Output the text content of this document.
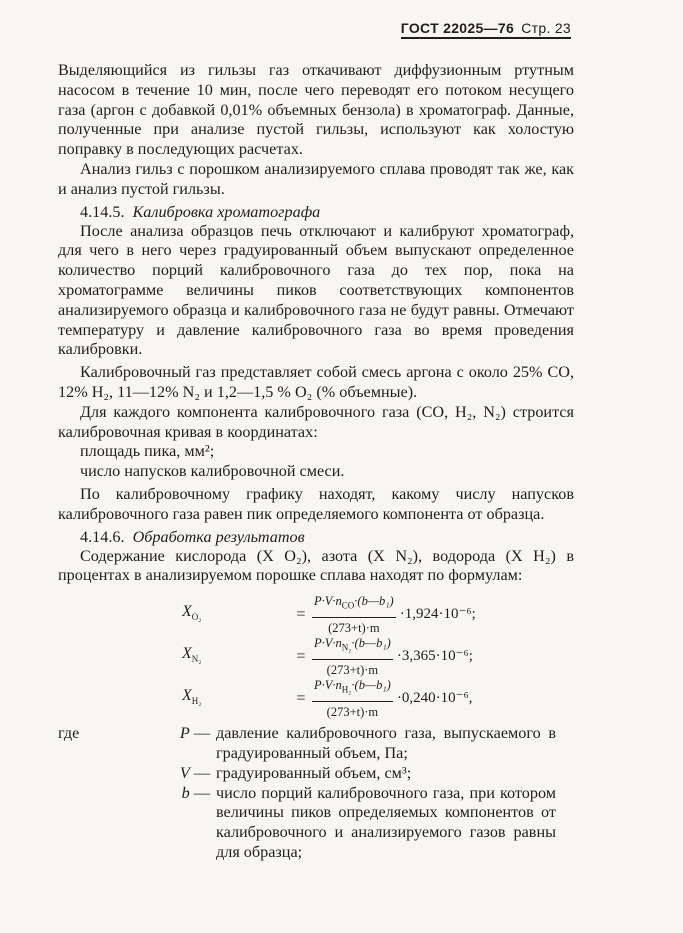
ГОСТ 22025—76 Стр. 23

Выделяющийся из гильзы газ откачивают диффузионным ртутным насосом в течение 10 мин, после чего переводят его потоком несущего газа (аргон с добавкой 0,01% объемных бензола) в хроматограф. Данные, полученные при анализе пустой гильзы, используют как холостую поправку в последующих расчетах.

Анализ гильз с порошком анализируемого сплава проводят так же, как и анализ пустой гильзы.

4.14.5. Калибровка хроматографа

После анализа образцов печь отключают и калибруют хроматограф, для чего в него через градуированный объем выпускают определенное количество порций калибровочного газа до тех пор, пока на хроматограмме величины пиков соответствующих компонентов анализируемого образца и калибровочного газа не будут равны. Отмечают температуру и давление калибровочного газа во время проведения калибровки.

Калибровочный газ представляет собой смесь аргона с около 25% CO, 12% H₂, 11—12% N₂ и 1,2—1,5 % O₂ (% объемные).

Для каждого компонента калибровочного газа (CO, H₂, N₂) строится калибровочная кривая в координатах:

площадь пика, мм²;

число напусков калибровочной смеси.

По калибровочному графику находят, какому числу напусков калибровочного газа равен пик определяемого компонента от образца.

4.14.6. Обработка результатов

Содержание кислорода (X O₂), азота (X N₂), водорода (X H₂) в процентах в анализируемом порошке сплава находят по формулам:

$X_{O_2}$	= $\frac{P\cdot V\cdot n_{CO}\cdot(b—b_1)}{(273+t)\cdot m} \cdot 1,924\cdot 10^{-6}$;
$X_{N_2}$	= $\frac{P\cdot V\cdot n_{N_2}\cdot(b—b_1)}{(273+t)\cdot m} \cdot 3,365\cdot 10^{-6}$;
$X_{H_2}$	= $\frac{P\cdot V\cdot n_{H_2}\cdot(b—b_1)}{(273+t)\cdot m} \cdot 0,240\cdot 10^{-6}$,
где	P — давление калибровочного газа, выпускаемого в градуированный объем, Па;
V — градуированный объем, см³;
b — число порций калибровочного газа, при котором величины пиков определяемых компонентов от калибровочного и анализируемого газов равны для образца;
